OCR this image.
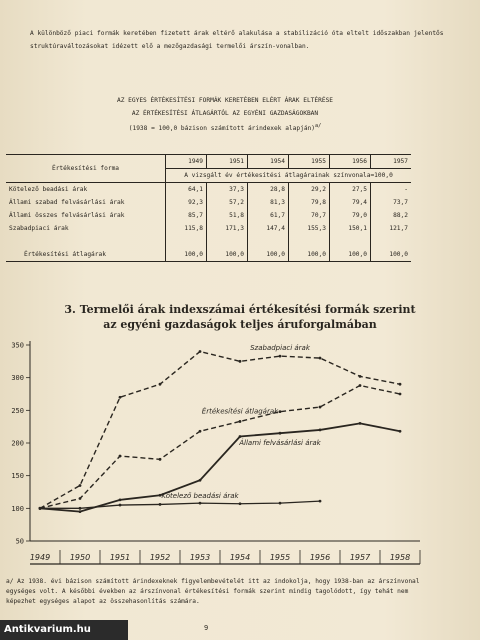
A különböző piaci formák keretében fizetett árak eltérő alakulása a stabilizáció óta eltelt időszakban jelentős struktúraváltozásokat idézett elő a mezőgazdasági termelői árszín-vonalban.
AZ EGYES ÉRTÉKESÍTÉSI FORMÁK KERETÉBEN ELÉRT ÁRAK ELTÉRÉSE
AZ ÉRTÉKESÍTÉSI ÁTLAGÁRTÓL AZ EGYÉNI GAZDASÁGOKBAN
(1938 = 100,0 bázison számított árindexek alapján)$^{a/}$
Értékesítési forma	1949	1951	1954	1955	1956	1957
	A vizsgált év értékesítési átlagárainak színvonala=100,0					
Kötelező beadási árak	64,1	37,3	28,8	29,2	27,5	-
Állami szabad felvásárlási árak	92,3	57,2	81,3	79,8	79,4	73,7
Állami összes felvásárlási árak	85,7	51,8	61,7	70,7	79,0	88,2
Szabadpiaci árak	115,8	171,3	147,4	155,3	150,1	121,7

Értékesítési átlagárak	100,0	100,0	100,0	100,0	100,0	100,0
3. Termelői árak indexszámai értékesítési formák szerint
az egyéni gazdaságok teljes áruforgalmában
50
100
150
200
250
300
350
1949 1950 1951 1952 1953 1954 1955 1956 1957 1958
Szabadpiaci árak
Értékesítési átlagárak
Állami felvásárlási árak
Kötelező beadási árak
a/ Az 1938. évi bázison számított árindexeknek figyelembevételét itt az indokolja, hogy 1938-ban az árszínvonal egységes volt. A későbbi években az árszínvonal értékesítési formák szerint mindig tagolódott, így tehát nem képezhet egységes alapot az összehasonlítás számára.
9
Antikvarium.hu
